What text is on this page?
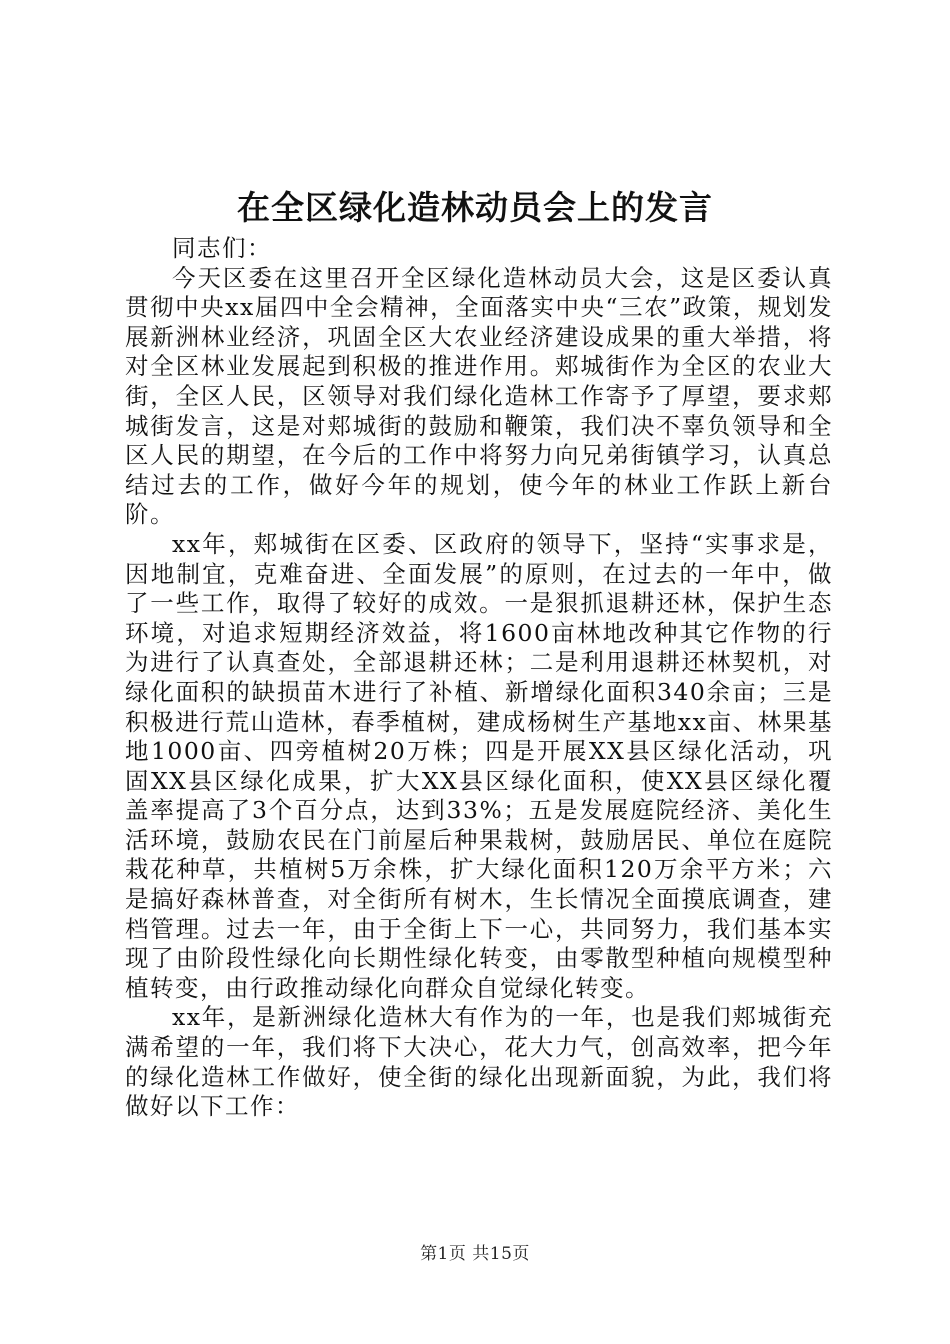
在全区绿化造林动员会上的发言

同志们：

今天区委在这里召开全区绿化造林动员大会，这是区委认真贯彻中央xx届四中全会精神，全面落实中央“三农”政策，规划发展新洲林业经济，巩固全区大农业经济建设成果的重大举措，将对全区林业发展起到积极的推进作用。郏城街作为全区的农业大街，全区人民，区领导对我们绿化造林工作寄予了厚望，要求郏城街发言，这是对郏城街的鼓励和鞭策，我们决不辜负领导和全区人民的期望，在今后的工作中将努力向兄弟街镇学习，认真总结过去的工作，做好今年的规划，使今年的林业工作跃上新台阶。

xx年，郏城街在区委、区政府的领导下，坚持“实事求是，因地制宜，克难奋进、全面发展”的原则，在过去的一年中，做了一些工作，取得了较好的成效。一是狠抓退耕还林，保护生态环境，对追求短期经济效益，将1600亩林地改种其它作物的行为进行了认真查处，全部退耕还林；二是利用退耕还林契机，对绿化面积的缺损苗木进行了补植、新增绿化面积340余亩；三是积极进行荒山造林，春季植树，建成杨树生产基地xx亩、林果基地1000亩、四旁植树20万株；四是开展XX县区绿化活动，巩固XX县区绿化成果，扩大XX县区绿化面积，使XX县区绿化覆盖率提高了3个百分点，达到33%；五是发展庭院经济、美化生活环境，鼓励农民在门前屋后种果栽树，鼓励居民、单位在庭院栽花种草，共植树5万余株，扩大绿化面积120万余平方米；六是搞好森林普查，对全街所有树木，生长情况全面摸底调查，建档管理。过去一年，由于全街上下一心，共同努力，我们基本实现了由阶段性绿化向长期性绿化转变，由零散型种植向规模型种植转变，由行政推动绿化向群众自觉绿化转变。

xx年，是新洲绿化造林大有作为的一年，也是我们郏城街充满希望的一年，我们将下大决心，花大力气，创高效率，把今年的绿化造林工作做好，使全街的绿化出现新面貌，为此，我们将做好以下工作：

第1页 共15页
